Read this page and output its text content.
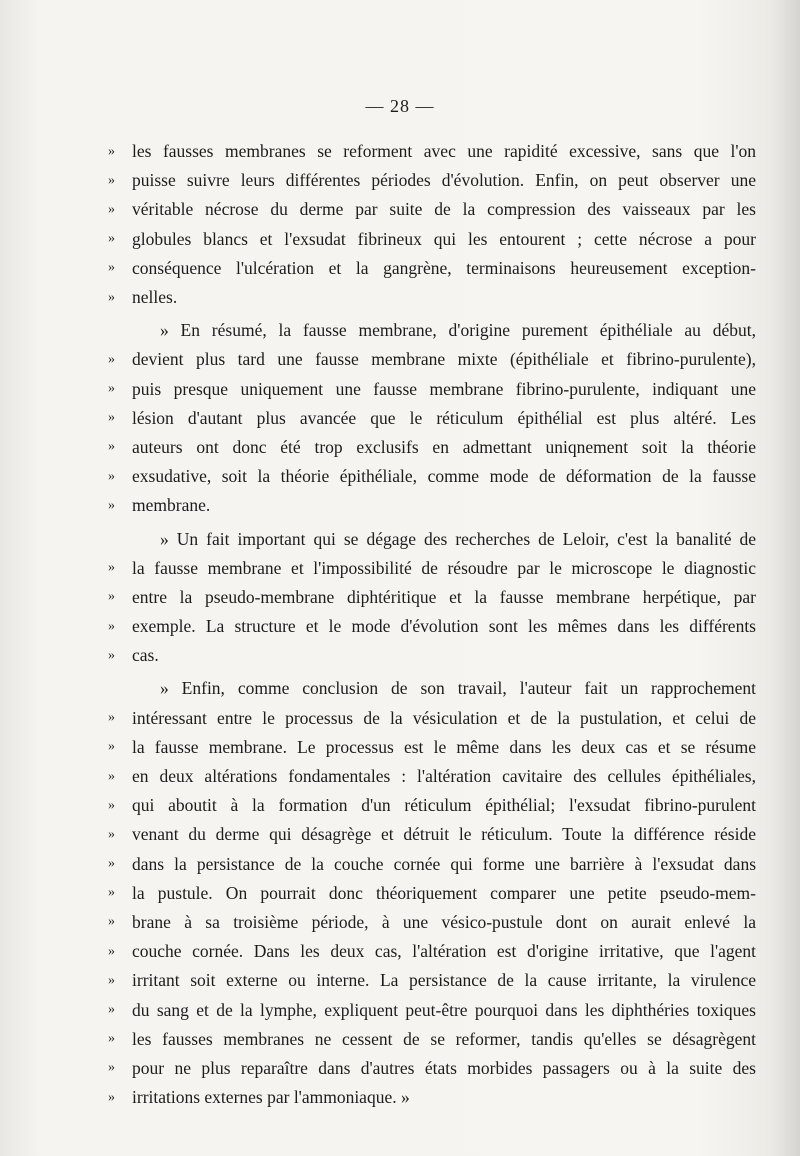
— 28 —
» les fausses membranes se reforment avec une rapidité excessive, sans que l'on
» puisse suivre leurs différentes périodes d'évolution. Enfin, on peut observer une
» véritable nécrose du derme par suite de la compression des vaisseaux par les
» globules blancs et l'exsudat fibrineux qui les entourent ; cette nécrose a pour
» conséquence l'ulcération et la gangrène, terminaisons heureusement exception-
» nelles.
» En résumé, la fausse membrane, d'origine purement épithéliale au début,
» devient plus tard une fausse membrane mixte (épithéliale et fibrino-purulente),
» puis presque uniquement une fausse membrane fibrino-purulente, indiquant une
» lésion d'autant plus avancée que le réticulum épithélial est plus altéré. Les
» auteurs ont donc été trop exclusifs en admettant uniqnement soit la théorie
» exsudative, soit la théorie épithéliale, comme mode de déformation de la fausse
» membrane.
» Un fait important qui se dégage des recherches de Leloir, c'est la banalité de
» la fausse membrane et l'impossibilité de résoudre par le microscope le diagnostic
» entre la pseudo-membrane diphtéritique et la fausse membrane herpétique, par
» exemple. La structure et le mode d'évolution sont les mêmes dans les différents
» cas.
» Enfin, comme conclusion de son travail, l'auteur fait un rapprochement
» intéressant entre le processus de la vésiculation et de la pustulation, et celui de
» la fausse membrane. Le processus est le même dans les deux cas et se résume
» en deux altérations fondamentales : l'altération cavitaire des cellules épithéliales,
» qui aboutit à la formation d'un réticulum épithélial; l'exsudat fibrino-purulent
» venant du derme qui désagrège et détruit le réticulum. Toute la différence réside
» dans la persistance de la couche cornée qui forme une barrière à l'exsudat dans
» la pustule. On pourrait donc théoriquement comparer une petite pseudo-mem-
» brane à sa troisième période, à une vésico-pustule dont on aurait enlevé la
» couche cornée. Dans les deux cas, l'altération est d'origine irritative, que l'agent
» irritant soit externe ou interne. La persistance de la cause irritante, la virulence
» du sang et de la lymphe, expliquent peut-être pourquoi dans les diphthéries toxiques
» les fausses membranes ne cessent de se reformer, tandis qu'elles se désagrègent
» pour ne plus reparaître dans d'autres états morbides passagers ou à la suite des
» irritations externes par l'ammoniaque. »
